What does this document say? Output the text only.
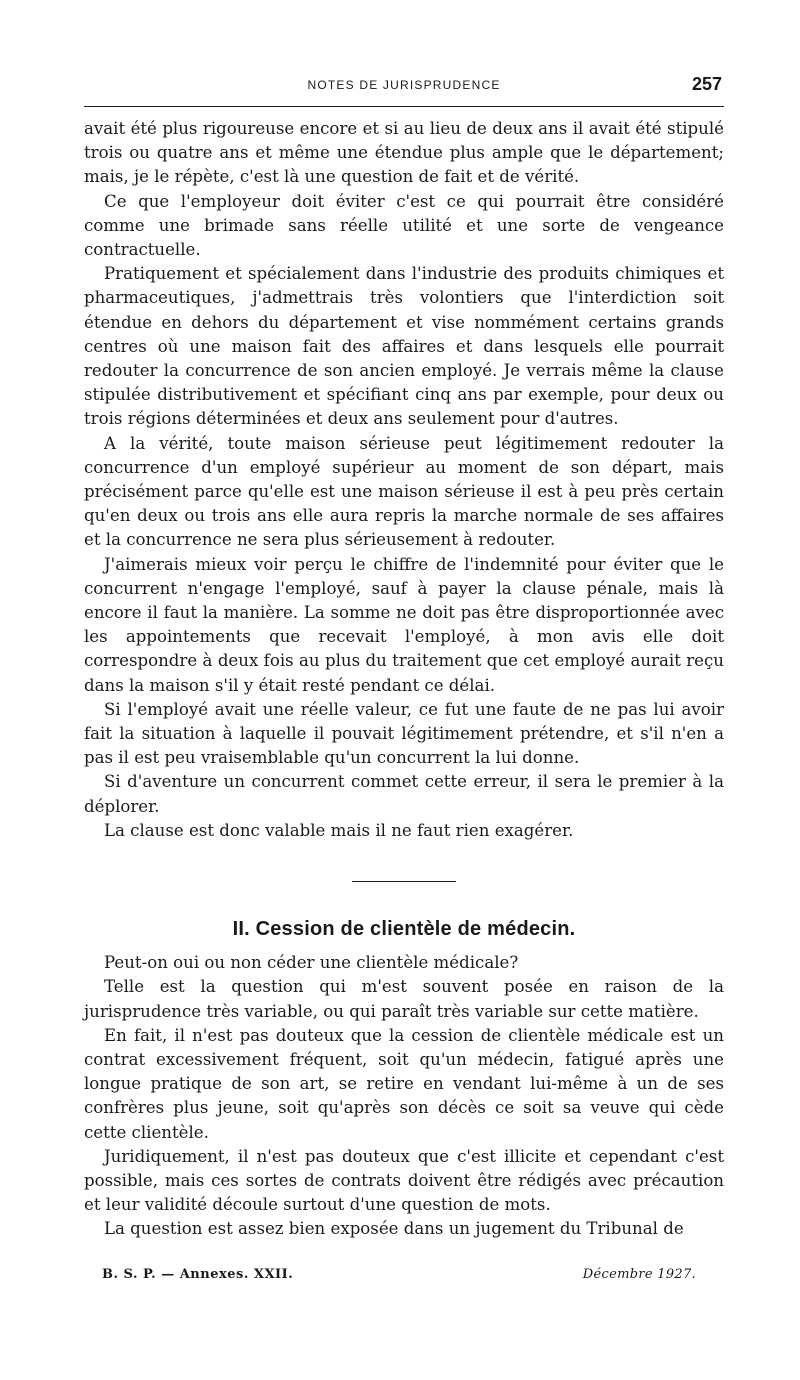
NOTES DE JURISPRUDENCE	257

avait été plus rigoureuse encore et si au lieu de deux ans il avait été stipulé trois ou quatre ans et même une étendue plus ample que le département; mais, je le répète, c'est là une question de fait et de vérité.

Ce que l'employeur doit éviter c'est ce qui pourrait être considéré comme une brimade sans réelle utilité et une sorte de vengeance contractuelle.

Pratiquement et spécialement dans l'industrie des produits chimiques et pharmaceutiques, j'admettrais très volontiers que l'interdiction soit étendue en dehors du département et vise nommément certains grands centres où une maison fait des affaires et dans lesquels elle pourrait redouter la concurrence de son ancien employé. Je verrais même la clause stipulée distributivement et spécifiant cinq ans par exemple, pour deux ou trois régions déterminées et deux ans seulement pour d'autres.

A la vérité, toute maison sérieuse peut légitimement redouter la concurrence d'un employé supérieur au moment de son départ, mais précisément parce qu'elle est une maison sérieuse il est à peu près certain qu'en deux ou trois ans elle aura repris la marche normale de ses affaires et la concurrence ne sera plus sérieusement à redouter.

J'aimerais mieux voir perçu le chiffre de l'indemnité pour éviter que le concurrent n'engage l'employé, sauf à payer la clause pénale, mais là encore il faut la manière. La somme ne doit pas être disproportionnée avec les appointements que recevait l'employé, à mon avis elle doit correspondre à deux fois au plus du traitement que cet employé aurait reçu dans la maison s'il y était resté pendant ce délai.

Si l'employé avait une réelle valeur, ce fut une faute de ne pas lui avoir fait la situation à laquelle il pouvait légitimement prétendre, et s'il n'en a pas il est peu vraisemblable qu'un concurrent la lui donne.

Si d'aventure un concurrent commet cette erreur, il sera le premier à la déplorer.

La clause est donc valable mais il ne faut rien exagérer.

II. Cession de clientèle de médecin.

Peut-on oui ou non céder une clientèle médicale?

Telle est la question qui m'est souvent posée en raison de la jurisprudence très variable, ou qui paraît très variable sur cette matière.

En fait, il n'est pas douteux que la cession de clientèle médicale est un contrat excessivement fréquent, soit qu'un médecin, fatigué après une longue pratique de son art, se retire en vendant lui-même à un de ses confrères plus jeune, soit qu'après son décès ce soit sa veuve qui cède cette clientèle.

Juridiquement, il n'est pas douteux que c'est illicite et cependant c'est possible, mais ces sortes de contrats doivent être rédigés avec précaution et leur validité découle surtout d'une question de mots.

La question est assez bien exposée dans un jugement du Tribunal de

B. S. P. — Annexes. XXII.	Décembre 1927.
